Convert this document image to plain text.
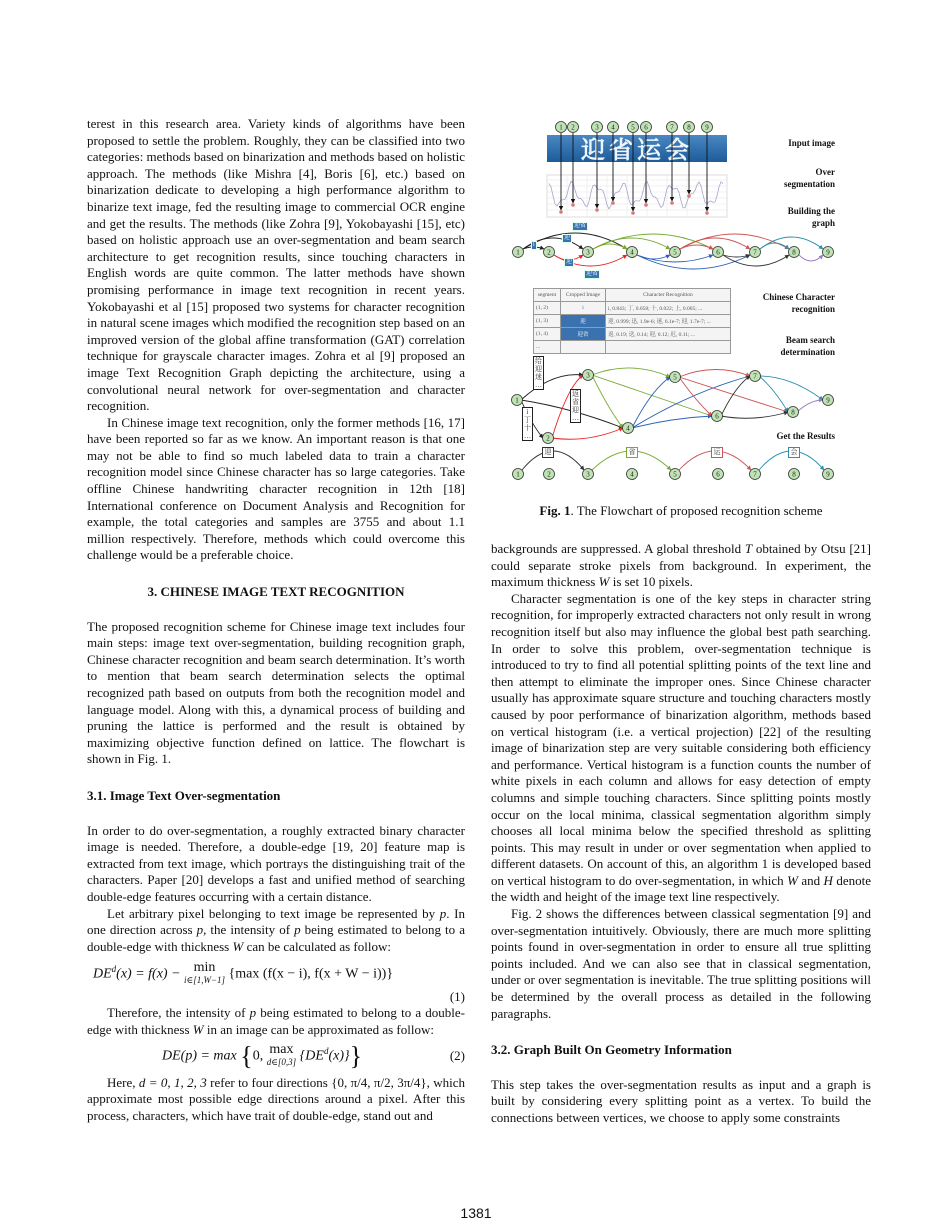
terest in this research area. Variety kinds of algorithms have been proposed to settle the problem. Roughly, they can be classified into two categories: methods based on binarization and methods based on holistic approach. The methods (like Mishra [4], Boris [6], etc.) based on binarization dedicate to developing a high performance algorithm to binarize text image, fed the resulting image to commercial OCR engine and get the results. The methods (like Zohra [9], Yokobayashi [15], etc) based on holistic approach use an over-segmentation and beam search architecture to get recognition results, since touching characters in English words are quite common. The latter methods have shown promising performance in image text recognition in recent years. Yokobayashi et al [15] proposed two systems for character recognition in natural scene images which modified the recognition step based on an improved version of the global affine transformation (GAT) correlation technique for grayscale character images. Zohra et al [9] proposed an image Text Recognition Graph depicting the architecture, using a convolutional neural network for over-segmentation and character recognition.

In Chinese image text recognition, only the former methods [16, 17] have been reported so far as we know. An important reason is that one may not be able to find so much labeled data to train a character recognition model since Chinese character has so large categories. Take offline Chinese handwriting character recognition in 12th [18] International conference on Document Analysis and Recognition for example, the total categories and samples are 3755 and about 1.1 million respectively. Therefore, methods which could overcome this challenge would be a preferable choice.

3. CHINESE IMAGE TEXT RECOGNITION

The proposed recognition scheme for Chinese image text includes four main steps: image text over-segmentation, building recognition graph, Chinese character recognition and beam search determination. It’s worth to mention that beam search determination selects the optimal recognized path based on outputs from both the recognition model and language model. Along with this, a dynamical process of building and pruning the lattice is performed and the result is obtained by maximizing objective function defined on lattice. The flowchart is shown in Fig. 1.

3.1. Image Text Over-segmentation

In order to do over-segmentation, a roughly extracted binary character image is needed. Therefore, a double-edge [19, 20] feature map is extracted from text image, which portrays the distinguishing trait of the characters. Paper [20] develops a fast and unified method of searching double-edge features occurring with a certain distance.

Let arbitrary pixel belonging to text image be represented by p. In one direction across p, the intensity of p being estimated to belong to a double-edge with thickness W can be calculated as follow:

$DE^d(x) = f(x) - \min$
i∈[1,W−1] {max (f(x − i), f(x + W − i))}
(1)

Therefore, the intensity of p being estimated to belong to a double-edge with thickness W in an image can be approximated as follow:

DE(p) = max {0, max
d∈[0,3] $\{DE^d(x)\}$}	(2)

Here, d = 0, 1, 2, 3 refer to four directions {0, π/4, π/2, 3π/4}, which approximate most possible edge directions around a pixel. After this process, characters, which have trait of double-edge, stand out and

迎省运会
1 2	3 4 5 6	7 8 9
1	2	3	4	5	6	7	8	9
1
2
3
4
5
6
7
8
9
1	2	3	4	5	6	7	8	9
Input image
Over segmentation
Building the graph
Chinese Character recognition
Beam search determination
Get the Results
segment	Cropped Image	Character Recognition
(1, 2)	i	i, 0.843; 丁, 0.058; 十, 0.022; 上, 0.005; ...
(1, 3)	迎	迎, 0.999; 迅, 1.9e-6; 迷, 6.1e-7; 迎, 1.7e-7; ...
(1, 4)	迎省	返, 0.19; 送, 0.14; 迎, 0.12; 迟, 0.11; ...
...		
迎省
迎
i
迎
迎省
给
迎
迷
…
返
省
迎
…
i
丁
十
…
迎	省	运	会
Fig. 1. The Flowchart of proposed recognition scheme

backgrounds are suppressed. A global threshold T obtained by Otsu [21] could separate stroke pixels from background. In experiment, the maximum thickness W is set 10 pixels.

Character segmentation is one of the key steps in character string recognition, for improperly extracted characters not only result in wrong recognition itself but also may influence the global best path searching. In order to solve this problem, over-segmentation technique is introduced to try to find all potential splitting points of the text line and then attempt to eliminate the improper ones. Since Chinese character usually has approximate square structure and touching characters mostly caused by poor performance of binarization algorithm, methods based on vertical histogram (i.e. a vertical projection) [22] of the resulting image of binarization step are very suitable considering both efficiency and performance. Vertical histogram is a function counts the number of white pixels in each column and allows for easy detection of empty columns and simple touching characters. Since splitting points mostly occur on the local minima, classical segmentation algorithm simply chooses all local minima below the specified threshold as splitting points. This may result in under or over segmentation when applied to different datasets. On account of this, an algorithm 1 is developed based on vertical histogram to do over-segmentation, in which W and H denote the width and height of the image text line respectively.

Fig. 2 shows the differences between classical segmentation [9] and over-segmentation intuitively. Obviously, there are much more splitting points found in over-segmentation in order to ensure all true splitting points included. And we can also see that in classical segmentation, under or over segmentation is inevitable. The true splitting positions will be determined by the overall process as detailed in the following paragraphs.

3.2. Graph Built On Geometry Information

This step takes the over-segmentation results as input and a graph is built by considering every splitting point as a vertex. To build the connections between vertices, we choose to apply some constraints

1381
